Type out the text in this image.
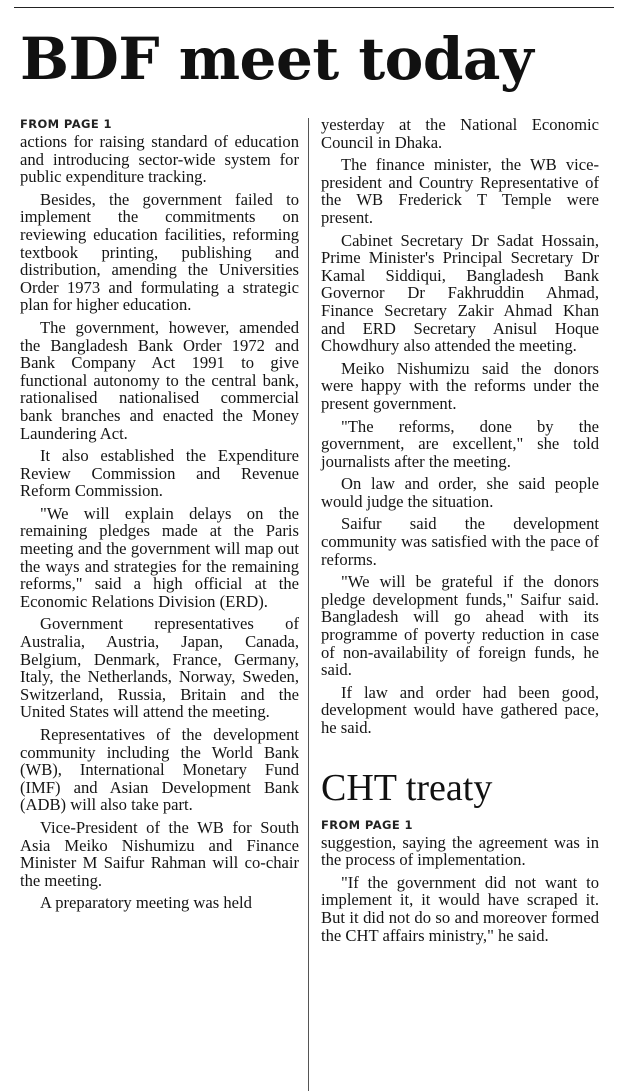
BDF meet today

FROM PAGE 1

actions for raising standard of education and introducing sector-wide system for public expenditure tracking.

Besides, the government failed to implement the commitments on reviewing education facilities, reforming textbook printing, publishing and distribution, amending the Universities Order 1973 and formulating a strategic plan for higher education.

The government, however, amended the Bangladesh Bank Order 1972 and Bank Company Act 1991 to give functional autonomy to the central bank, rationalised nationalised commercial bank branches and enacted the Money Laundering Act.

It also established the Expenditure Review Commission and Revenue Reform Commission.

"We will explain delays on the remaining pledges made at the Paris meeting and the government will map out the ways and strategies for the remaining reforms," said a high official at the Economic Relations Division (ERD).

Government representatives of Australia, Austria, Japan, Canada, Belgium, Denmark, France, Germany, Italy, the Netherlands, Norway, Sweden, Switzerland, Russia, Britain and the United States will attend the meeting.

Representatives of the development community including the World Bank (WB), International Monetary Fund (IMF) and Asian Development Bank (ADB) will also take part.

Vice-President of the WB for South Asia Meiko Nishumizu and Finance Minister M Saifur Rahman will co-chair the meeting.

A preparatory meeting was held

yesterday at the National Economic Council in Dhaka.

The finance minister, the WB vice-president and Country Representative of the WB Frederick T Temple were present.

Cabinet Secretary Dr Sadat Hossain, Prime Minister's Principal Secretary Dr Kamal Siddiqui, Bangladesh Bank Governor Dr Fakhruddin Ahmad, Finance Secretary Zakir Ahmad Khan and ERD Secretary Anisul Hoque Chowdhury also attended the meeting.

Meiko Nishumizu said the donors were happy with the reforms under the present government.

"The reforms, done by the government, are excellent," she told journalists after the meeting.

On law and order, she said people would judge the situation.

Saifur said the development community was satisfied with the pace of reforms.

"We will be grateful if the donors pledge development funds," Saifur said. Bangladesh will go ahead with its programme of poverty reduction in case of non-availability of foreign funds, he said.

If law and order had been good, development would have gathered pace, he said.

CHT treaty

FROM PAGE 1

suggestion, saying the agreement was in the process of implementation.

"If the government did not want to implement it, it would have scraped it. But it did not do so and moreover formed the CHT affairs ministry," he said.
